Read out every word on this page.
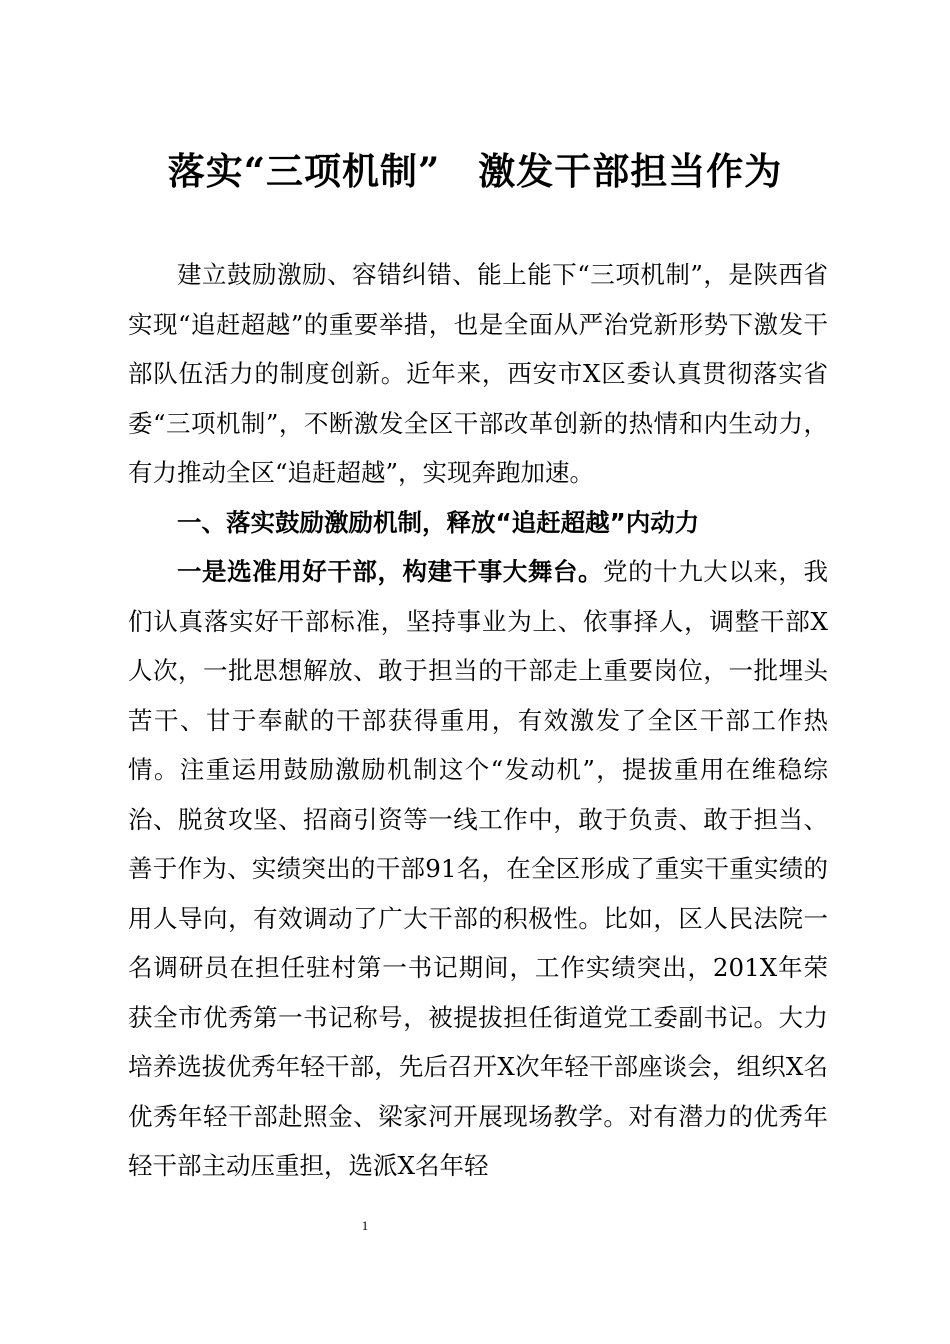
落实“三项机制”　激发干部担当作为

建立鼓励激励、容错纠错、能上能下“三项机制”，是陕西省实现“追赶超越”的重要举措，也是全面从严治党新形势下激发干部队伍活力的制度创新。近年来，西安市X区委认真贯彻落实省委“三项机制”，不断激发全区干部改革创新的热情和内生动力，有力推动全区“追赶超越”，实现奔跑加速。

一、落实鼓励激励机制，释放“追赶超越”内动力

一是选准用好干部，构建干事大舞台。党的十九大以来，我们认真落实好干部标准，坚持事业为上、依事择人，调整干部X人次，一批思想解放、敢于担当的干部走上重要岗位，一批埋头苦干、甘于奉献的干部获得重用，有效激发了全区干部工作热情。注重运用鼓励激励机制这个“发动机”，提拔重用在维稳综治、脱贫攻坚、招商引资等一线工作中，敢于负责、敢于担当、善于作为、实绩突出的干部91名，在全区形成了重实干重实绩的用人导向，有效调动了广大干部的积极性。比如，区人民法院一名调研员在担任驻村第一书记期间，工作实绩突出，201X年荣获全市优秀第一书记称号，被提拔担任街道党工委副书记。大力培养选拔优秀年轻干部，先后召开X次年轻干部座谈会，组织X名优秀年轻干部赴照金、梁家河开展现场教学。对有潜力的优秀年轻干部主动压重担，选派X名年轻

1
